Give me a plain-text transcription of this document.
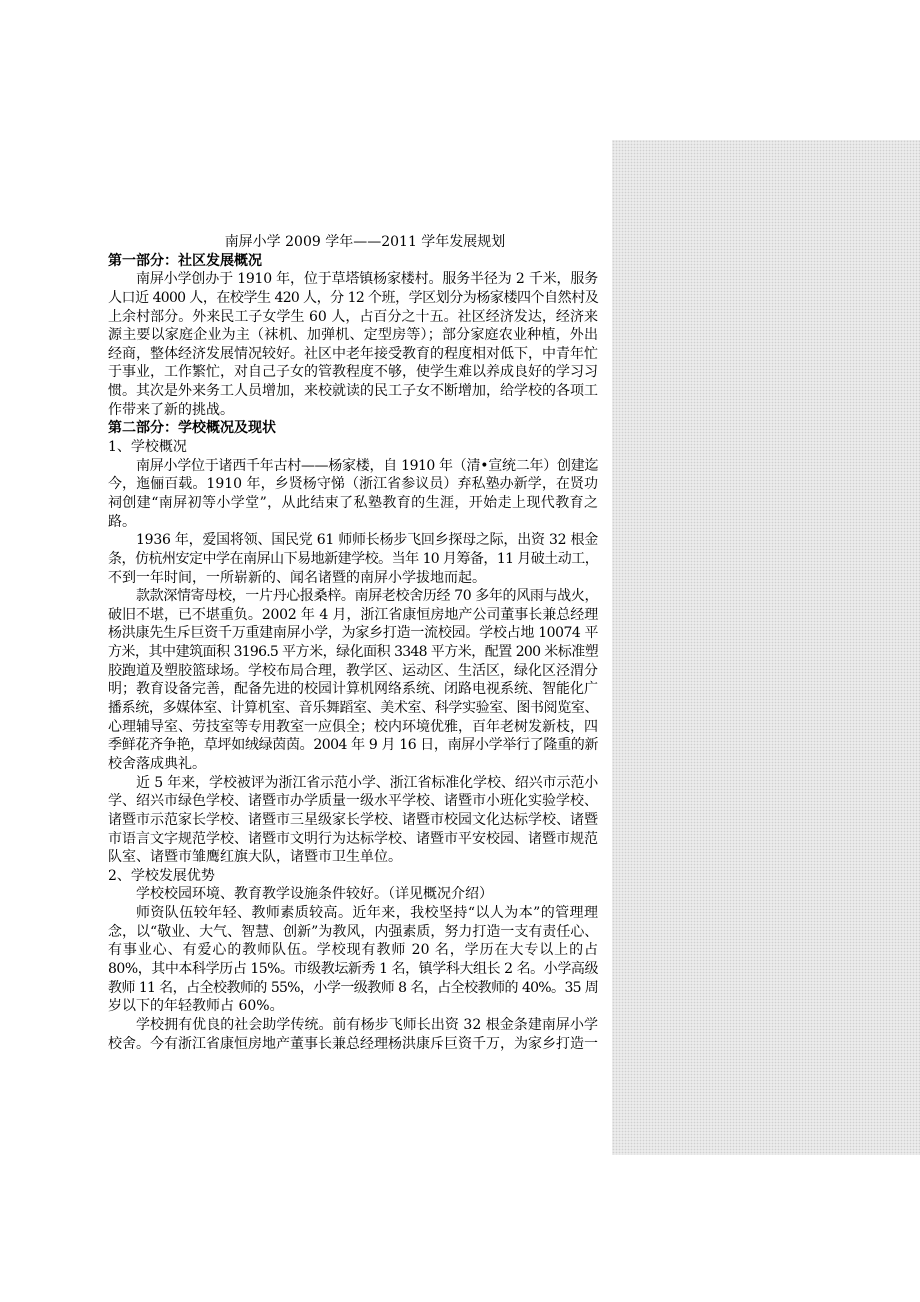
南屏小学 2009 学年——2011 学年发展规划
第一部分：社区发展概况
南屏小学创办于 1910 年，位于草塔镇杨家楼村。服务半径为 2 千米，服务
人口近 4000 人，在校学生 420 人，分 12 个班，学区划分为杨家楼四个自然村及
上余村部分。外来民工子女学生 60 人，占百分之十五。社区经济发达，经济来
源主要以家庭企业为主（袜机、加弹机、定型房等）；部分家庭农业种植，外出
经商，整体经济发展情况较好。社区中老年接受教育的程度相对低下，中青年忙
于事业，工作繁忙，对自己子女的管教程度不够，使学生难以养成良好的学习习
惯。其次是外来务工人员增加，来校就读的民工子女不断增加，给学校的各项工
作带来了新的挑战。
第二部分：学校概况及现状
1、学校概况
南屏小学位于诸西千年古村——杨家楼，自 1910 年（清•宣统二年）创建迄
今，迤俪百载。1910 年，乡贤杨守悌（浙江省参议员）弃私塾办新学，在贤功
祠创建“南屏初等小学堂”，从此结束了私塾教育的生涯，开始走上现代教育之
路。
1936 年，爱国将领、国民党 61 师师长杨步飞回乡探母之际，出资 32 根金
条，仿杭州安定中学在南屏山下易地新建学校。当年 10 月筹备，11 月破土动工，
不到一年时间，一所崭新的、闻名诸暨的南屏小学拔地而起。
款款深情寄母校，一片丹心报桑梓。南屏老校舍历经 70 多年的风雨与战火，
破旧不堪，已不堪重负。2002 年 4 月，浙江省康恒房地产公司董事长兼总经理
杨洪康先生斥巨资千万重建南屏小学，为家乡打造一流校园。学校占地 10074 平
方米，其中建筑面积 3196.5 平方米，绿化面积 3348 平方米，配置 200 米标准塑
胶跑道及塑胶篮球场。学校布局合理，教学区、运动区、生活区，绿化区泾渭分
明；教育设备完善，配备先进的校园计算机网络系统、闭路电视系统、智能化广
播系统，多媒体室、计算机室、音乐舞蹈室、美术室、科学实验室、图书阅览室、
心理辅导室、劳技室等专用教室一应俱全；校内环境优雅，百年老树发新枝，四
季鲜花齐争艳，草坪如绒绿茵茵。2004 年 9 月 16 日，南屏小学举行了隆重的新
校舍落成典礼。
近 5 年来，学校被评为浙江省示范小学、浙江省标准化学校、绍兴市示范小
学、绍兴市绿色学校、诸暨市办学质量一级水平学校、诸暨市小班化实验学校、
诸暨市示范家长学校、诸暨市三星级家长学校、诸暨市校园文化达标学校、诸暨
市语言文字规范学校、诸暨市文明行为达标学校、诸暨市平安校园、诸暨市规范
队室、诸暨市雏鹰红旗大队，诸暨市卫生单位。
2、学校发展优势
学校校园环境、教育教学设施条件较好。（详见概况介绍）
师资队伍较年轻、教师素质较高。近年来，我校坚持“以人为本”的管理理
念，以“敬业、大气、智慧、创新”为教风，内强素质，努力打造一支有责任心、
有事业心、有爱心的教师队伍。学校现有教师 20 名，学历在大专以上的占
80%，其中本科学历占 15%。市级教坛新秀 1 名，镇学科大组长 2 名。小学高级
教师 11 名，占全校教师的 55%，小学一级教师 8 名，占全校教师的 40%。35 周
岁以下的年轻教师占 60%。
学校拥有优良的社会助学传统。前有杨步飞师长出资 32 根金条建南屏小学
校舍。今有浙江省康恒房地产董事长兼总经理杨洪康斥巨资千万，为家乡打造一
